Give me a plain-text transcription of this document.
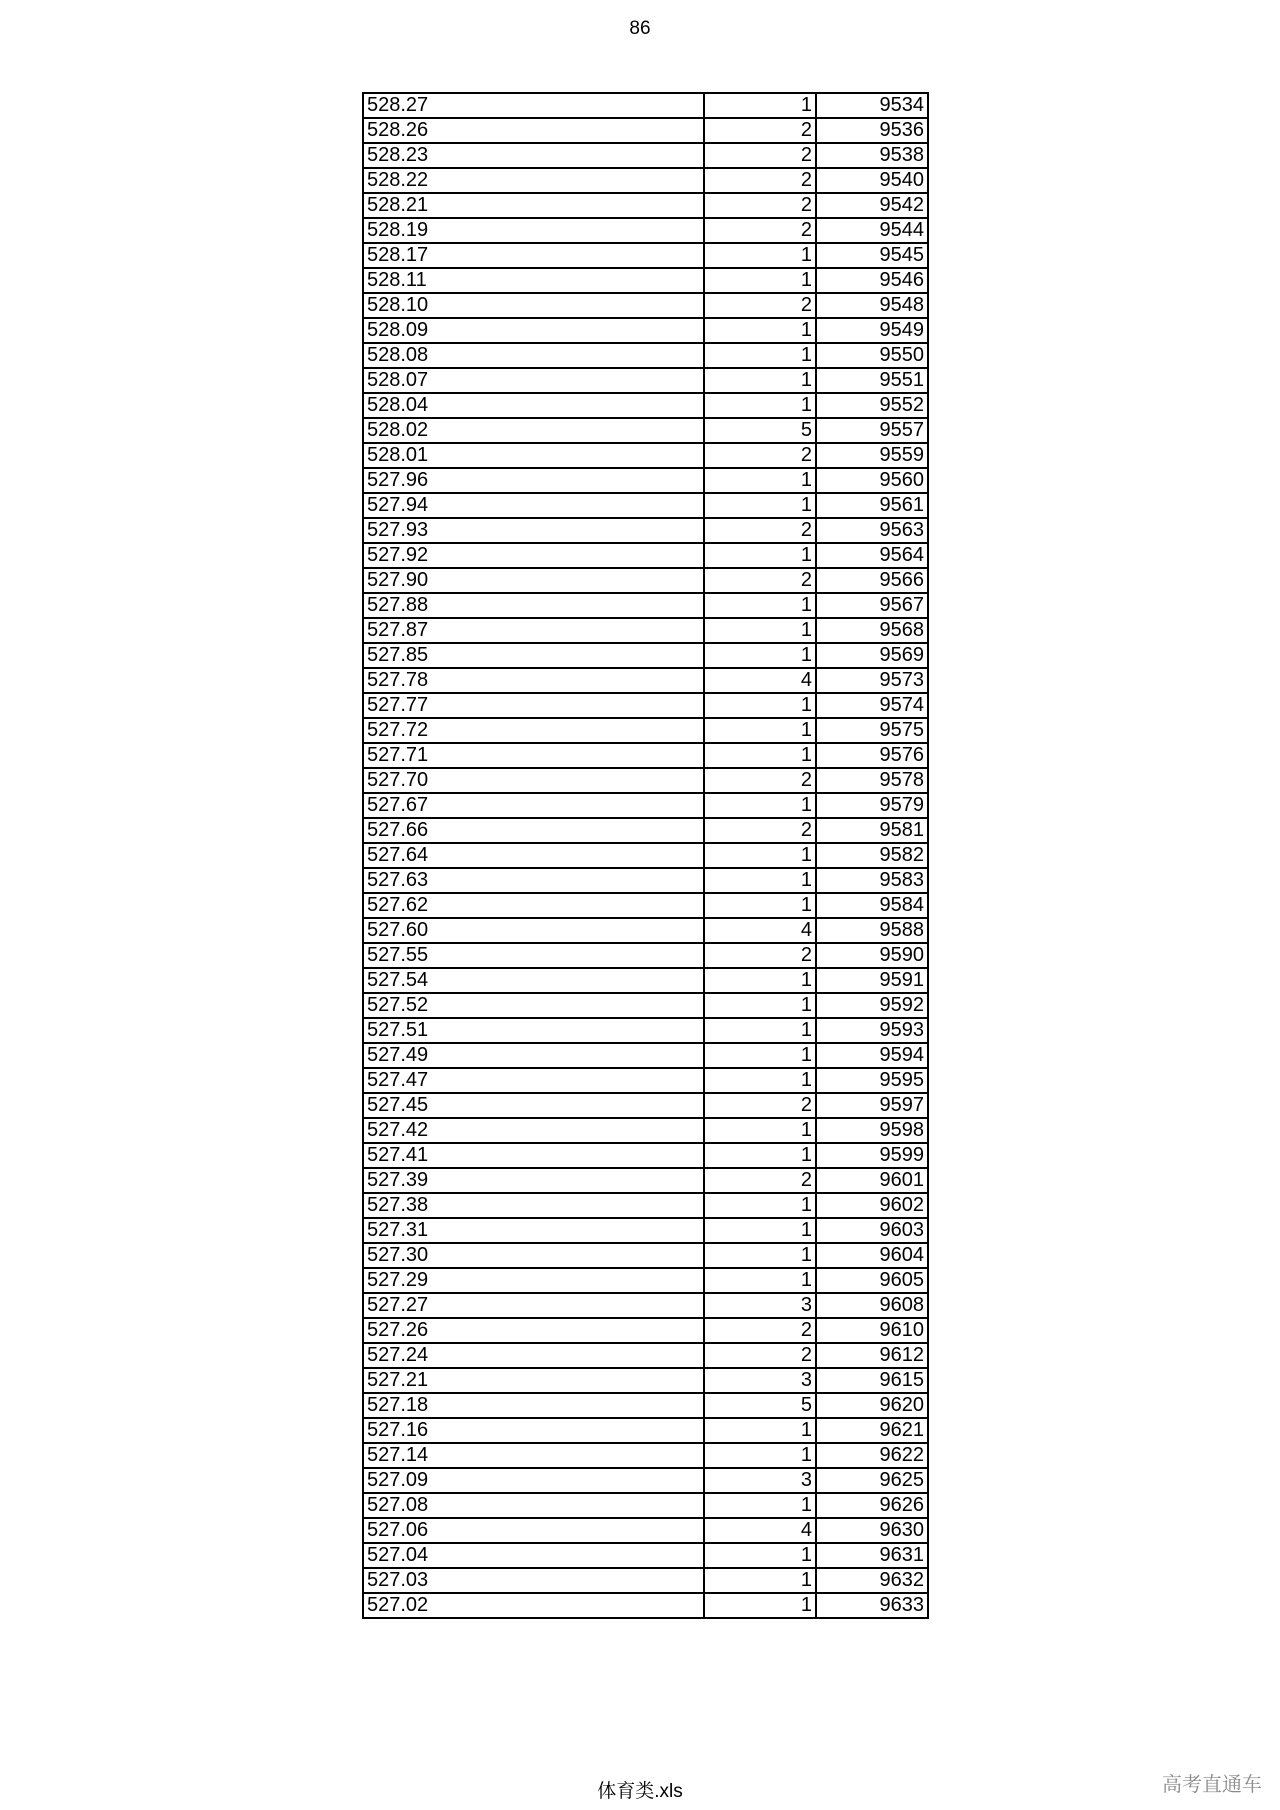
86
528.27	1	9534
528.26	2	9536
528.23	2	9538
528.22	2	9540
528.21	2	9542
528.19	2	9544
528.17	1	9545
528.11	1	9546
528.10	2	9548
528.09	1	9549
528.08	1	9550
528.07	1	9551
528.04	1	9552
528.02	5	9557
528.01	2	9559
527.96	1	9560
527.94	1	9561
527.93	2	9563
527.92	1	9564
527.90	2	9566
527.88	1	9567
527.87	1	9568
527.85	1	9569
527.78	4	9573
527.77	1	9574
527.72	1	9575
527.71	1	9576
527.70	2	9578
527.67	1	9579
527.66	2	9581
527.64	1	9582
527.63	1	9583
527.62	1	9584
527.60	4	9588
527.55	2	9590
527.54	1	9591
527.52	1	9592
527.51	1	9593
527.49	1	9594
527.47	1	9595
527.45	2	9597
527.42	1	9598
527.41	1	9599
527.39	2	9601
527.38	1	9602
527.31	1	9603
527.30	1	9604
527.29	1	9605
527.27	3	9608
527.26	2	9610
527.24	2	9612
527.21	3	9615
527.18	5	9620
527.16	1	9621
527.14	1	9622
527.09	3	9625
527.08	1	9626
527.06	4	9630
527.04	1	9631
527.03	1	9632
527.02	1	9633
体育类.xls	高考直通车
